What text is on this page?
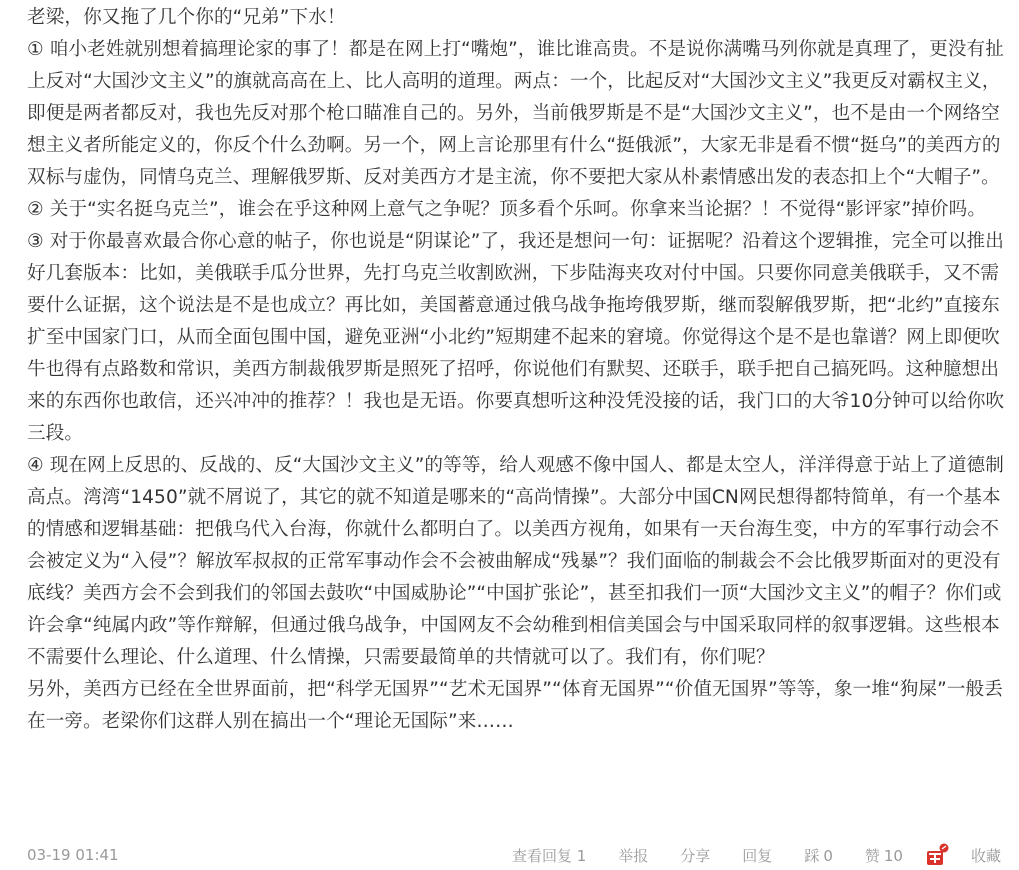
老梁，你又拖了几个你的“兄弟”下水！

① 咱小老姓就别想着搞理论家的事了！都是在网上打“嘴炮”，谁比谁高贵。不是说你满嘴马列你就是真理了，更没有扯上反对“大国沙文主义”的旗就高高在上、比人高明的道理。两点：一个，比起反对“大国沙文主义”我更反对霸权主义，即便是两者都反对，我也先反对那个枪口瞄准自己的。另外，当前俄罗斯是不是“大国沙文主义”，也不是由一个网络空想主义者所能定义的，你反个什么劲啊。另一个，网上言论那里有什么“挺俄派”，大家无非是看不惯“挺乌”的美西方的双标与虚伪，同情乌克兰、理解俄罗斯、反对美西方才是主流，你不要把大家从朴素情感出发的表态扣上个“大帽子”。

② 关于“实名挺乌克兰”，谁会在乎这种网上意气之争呢？顶多看个乐呵。你拿来当论据？！不觉得“影评家”掉价吗。

③ 对于你最喜欢最合你心意的帖子，你也说是“阴谋论”了，我还是想问一句：证据呢？沿着这个逻辑推，完全可以推出好几套版本：比如，美俄联手瓜分世界，先打乌克兰收割欧洲，下步陆海夹攻对付中国。只要你同意美俄联手，又不需要什么证据，这个说法是不是也成立？再比如，美国蓄意通过俄乌战争拖垮俄罗斯，继而裂解俄罗斯，把“北约”直接东扩至中国家门口，从而全面包围中国，避免亚洲“小北约”短期建不起来的窘境。你觉得这个是不是也靠谱？网上即便吹牛也得有点路数和常识，美西方制裁俄罗斯是照死了招呼，你说他们有默契、还联手，联手把自己搞死吗。这种臆想出来的东西你也敢信，还兴冲冲的推荐？！我也是无语。你要真想听这种没凭没接的话，我门口的大爷10分钟可以给你吹三段。

④ 现在网上反思的、反战的、反“大国沙文主义”的等等，给人观感不像中国人、都是太空人，洋洋得意于站上了道德制高点。湾湾“1450”就不屑说了，其它的就不知道是哪来的“高尚情操”。大部分中国CN网民想得都特简单，有一个基本的情感和逻辑基础：把俄乌代入台海，你就什么都明白了。以美西方视角，如果有一天台海生变，中方的军事行动会不会被定义为“入侵”？解放军叔叔的正常军事动作会不会被曲解成“残暴”？我们面临的制裁会不会比俄罗斯面对的更没有底线？美西方会不会到我们的邻国去鼓吹“中国威胁论”“中国扩张论”，甚至扣我们一顶“大国沙文主义”的帽子？你们或许会拿“纯属内政”等作辩解，但通过俄乌战争，中国网友不会幼稚到相信美国会与中国采取同样的叙事逻辑。这些根本不需要什么理论、什么道理、什么情操，只需要最简单的共情就可以了。我们有，你们呢？

另外，美西方已经在全世界面前，把“科学无国界”“艺术无国界”“体育无国界”“价值无国界”等等，象一堆“狗屎”一般丢在一旁。老梁你们这群人别在搞出一个“理论无国际”来……

03-19 01:41	查看回复 1 举报 分享 回复 踩 0 赞 10	收藏
